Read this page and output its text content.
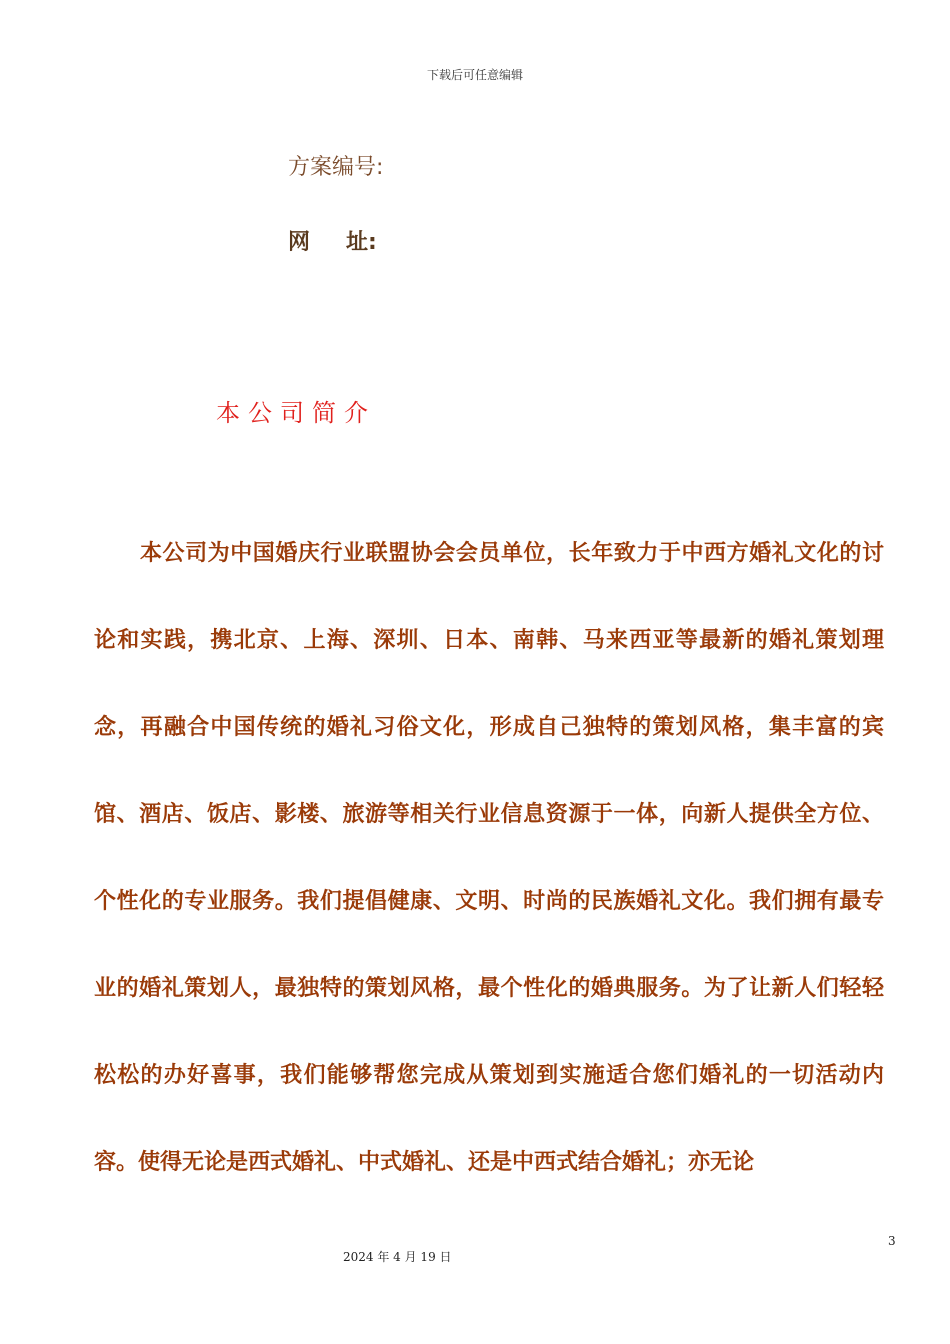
下载后可任意编辑
方案编号:
网 址:
本公司简介

本公司为中国婚庆行业联盟协会会员单位，长年致力于中西方婚礼文化的讨论和实践，携北京、上海、深圳、日本、南韩、马来西亚等最新的婚礼策划理念，再融合中国传统的婚礼习俗文化，形成自己独特的策划风格，集丰富的宾馆、酒店、饭店、影楼、旅游等相关行业信息资源于一体，向新人提供全方位、个性化的专业服务。我们提倡健康、文明、时尚的民族婚礼文化。我们拥有最专业的婚礼策划人，最独特的策划风格，最个性化的婚典服务。为了让新人们轻轻松松的办好喜事，我们能够帮您完成从策划到实施适合您们婚礼的一切活动内容。使得无论是西式婚礼、中式婚礼、还是中西式结合婚礼；亦无论

3
2024 年 4 月 19 日
